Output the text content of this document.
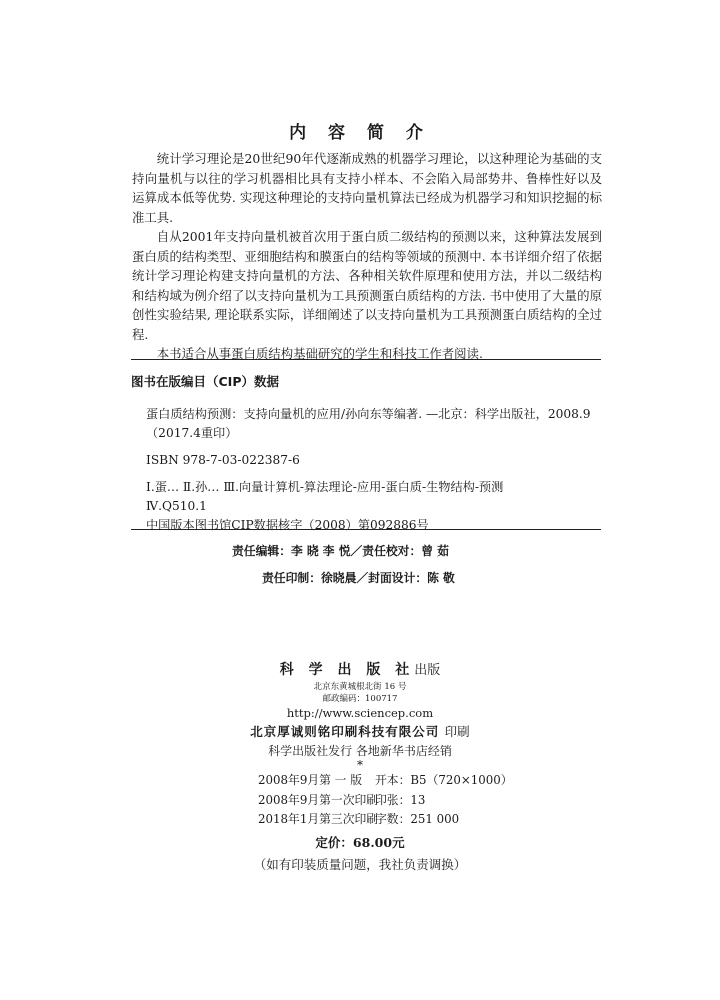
内 容 简 介

统计学习理论是20世纪90年代逐渐成熟的机器学习理论，以这种理论为基础的支持向量机与以往的学习机器相比具有支持小样本、不会陷入局部势井、鲁棒性好以及运算成本低等优势. 实现这种理论的支持向量机算法已经成为机器学习和知识挖掘的标准工具.

自从2001年支持向量机被首次用于蛋白质二级结构的预测以来，这种算法发展到蛋白质的结构类型、亚细胞结构和膜蛋白的结构等领域的预测中. 本书详细介绍了依据统计学习理论构建支持向量机的方法、各种相关软件原理和使用方法，并以二级结构和结构域为例介绍了以支持向量机为工具预测蛋白质结构的方法. 书中使用了大量的原创性实验结果, 理论联系实际，详细阐述了以支持向量机为工具预测蛋白质结构的全过程.

本书适合从事蛋白质结构基础研究的学生和科技工作者阅读.

图书在版编目（CIP）数据
蛋白质结构预测：支持向量机的应用/孙向东等编著. —北京：科学出版社，2008.9
（2017.4重印）
ISBN 978-7-03-022387-6
Ⅰ.蛋… Ⅱ.孙… Ⅲ.向量计算机-算法理论-应用-蛋白质-生物结构-预测
Ⅳ.Q510.1
中国版本图书馆CIP数据核字（2008）第092886号
责任编辑：李 晓 李 悦／责任校对：曾 茹
责任印制：徐晓晨／封面设计：陈 敬
科 学 出 版 社出版
北京东黄城根北街 16 号
邮政编码：100717
http://www.sciencep.com
北京厚诚则铭印刷科技有限公司 印刷
科学出版社发行 各地新华书店经销
*
2008年9月第 一 版 开本：B5（720×1000）
2008年9月第一次印刷印张：13
2018年1月第三次印刷字数：251 000
定价：68.00元
（如有印装质量问题，我社负责调换）
